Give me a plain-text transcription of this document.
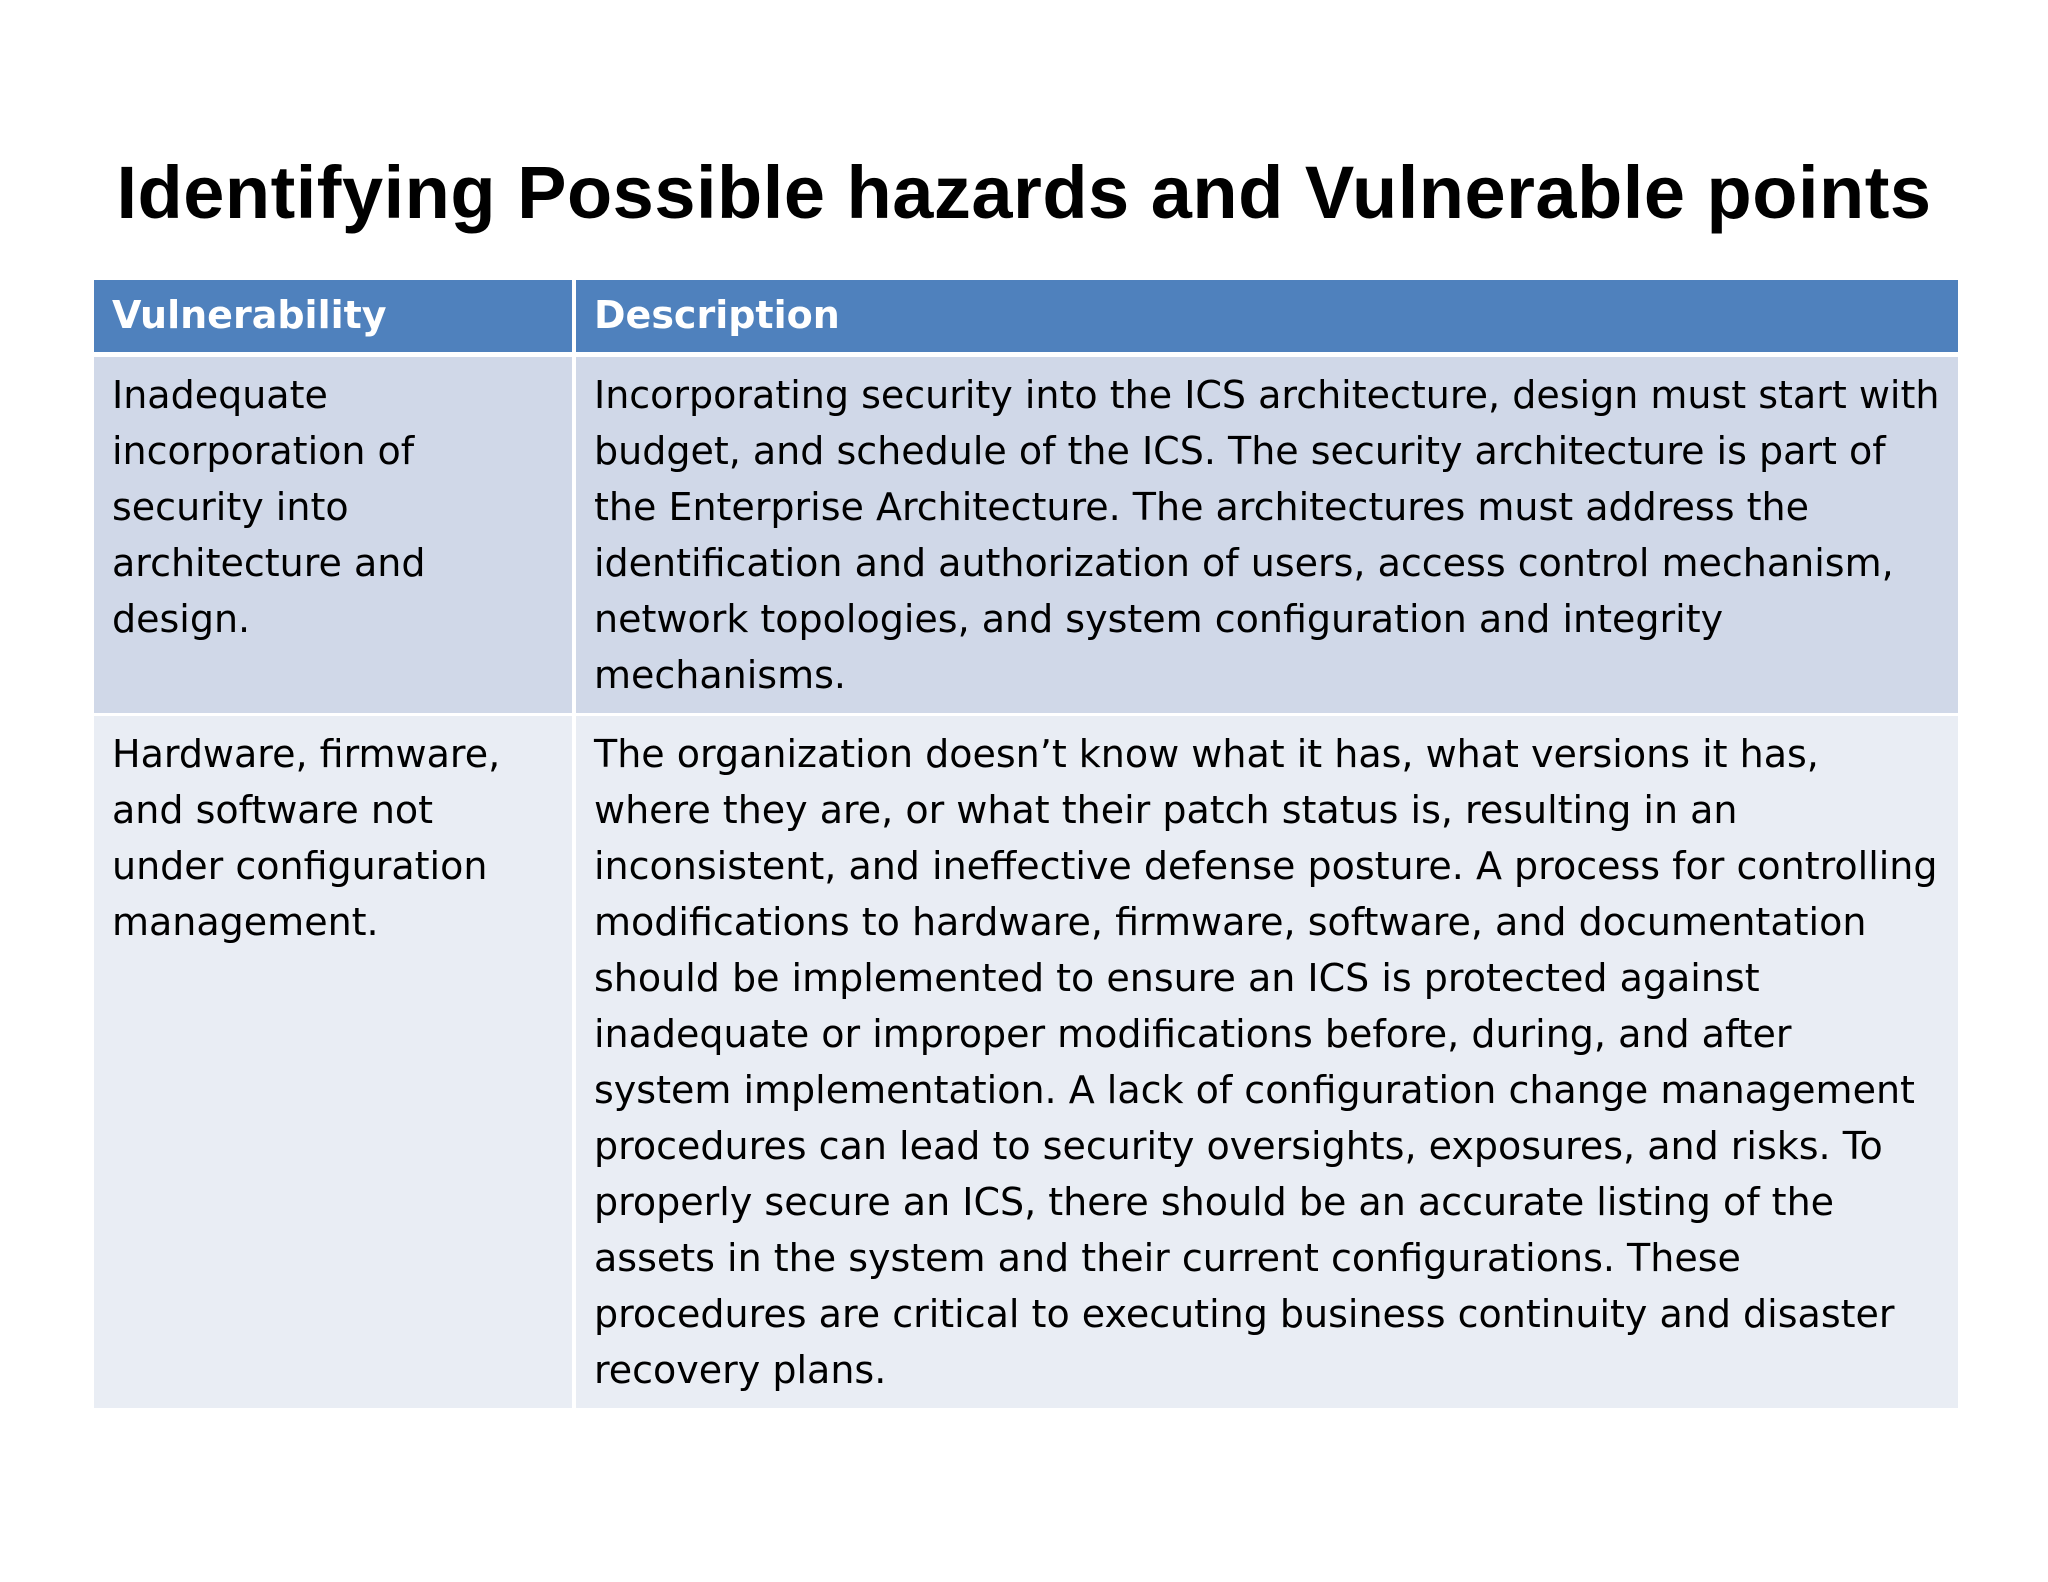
Identifying Possible hazards and Vulnerable points
Vulnerability	Description
Inadequate incorporation of security into architecture and design.	Incorporating security into the ICS architecture, design must start with budget, and schedule of the ICS. The security architecture is part of the Enterprise Architecture. The architectures must address the identification and authorization of users, access control mechanism, network topologies, and system configuration and integrity mechanisms.
Hardware, firmware, and software not under configuration management.	The organization doesn’t know what it has, what versions it has, where they are, or what their patch status is, resulting in an inconsistent, and ineffective defense posture. A process for controlling modifications to hardware, firmware, software, and documentation should be implemented to ensure an ICS is protected against inadequate or improper modifications before, during, and after system implementation. A lack of configuration change management procedures can lead to security oversights, exposures, and risks. To properly secure an ICS, there should be an accurate listing of the assets in the system and their current configurations. These procedures are critical to executing business continuity and disaster recovery plans.
